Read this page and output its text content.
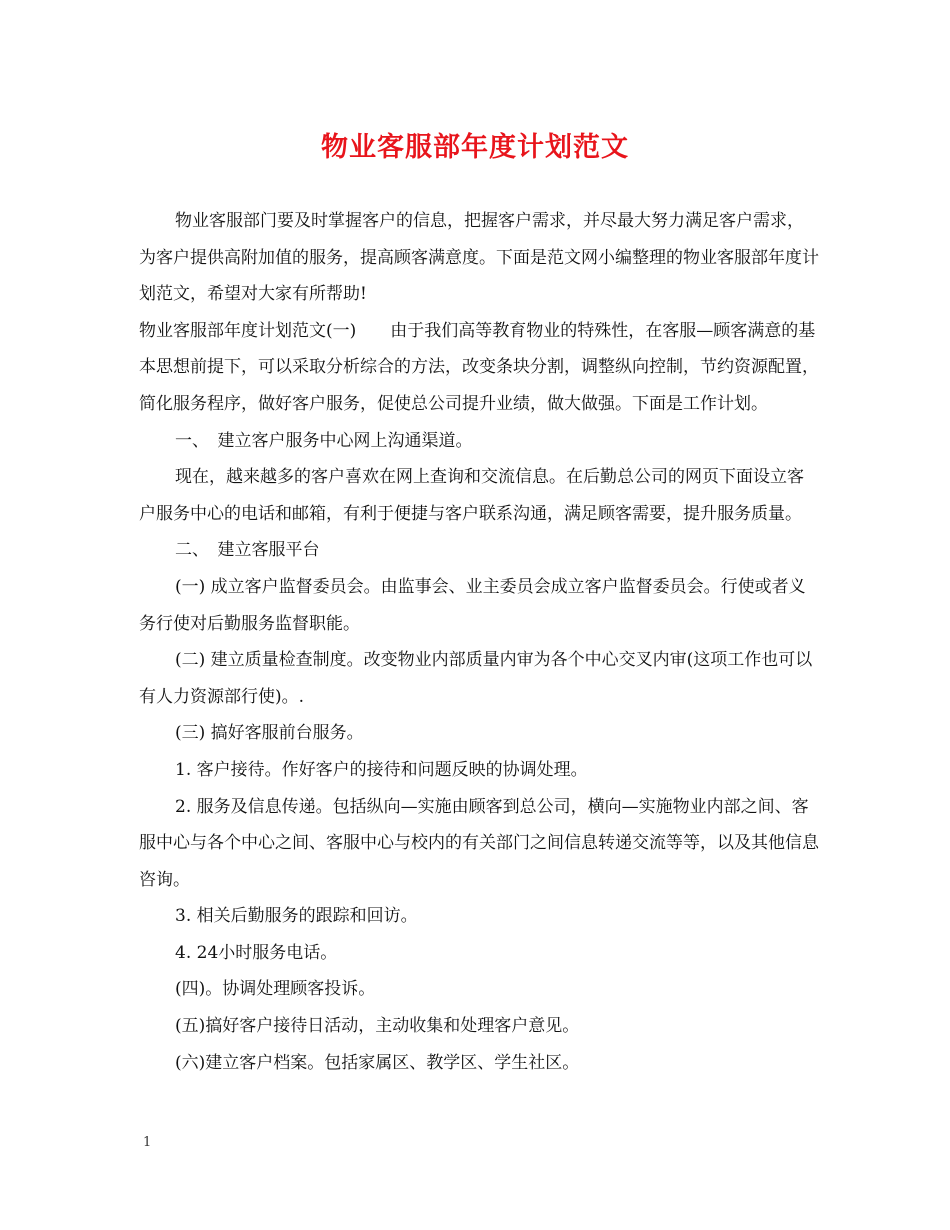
物业客服部年度计划范文

物业客服部门要及时掌握客户的信息，把握客户需求，并尽最大努力满足客户需求，为客户提供高附加值的服务，提高顾客满意度。下面是范文网小编整理的物业客服部年度计划范文，希望对大家有所帮助!

物业客服部年度计划范文(一)　　由于我们高等教育物业的特殊性，在客服—顾客满意的基本思想前提下，可以采取分析综合的方法，改变条块分割，调整纵向控制，节约资源配置，简化服务程序，做好客户服务，促使总公司提升业绩，做大做强。下面是工作计划。

一、　建立客户服务中心网上沟通渠道。

现在，越来越多的客户喜欢在网上查询和交流信息。在后勤总公司的网页下面设立客户服务中心的电话和邮箱，有利于便捷与客户联系沟通，满足顾客需要，提升服务质量。

二、　建立客服平台

(一) 成立客户监督委员会。由监事会、业主委员会成立客户监督委员会。行使或者义务行使对后勤服务监督职能。

(二) 建立质量检查制度。改变物业内部质量内审为各个中心交叉内审(这项工作也可以有人力资源部行使)。.

(三) 搞好客服前台服务。

1. 客户接待。作好客户的接待和问题反映的协调处理。

2. 服务及信息传递。包括纵向—实施由顾客到总公司，横向—实施物业内部之间、客服中心与各个中心之间、客服中心与校内的有关部门之间信息转递交流等等，以及其他信息咨询。

3. 相关后勤服务的跟踪和回访。

4. 24小时服务电话。

(四)。协调处理顾客投诉。

(五)搞好客户接待日活动，主动收集和处理客户意见。

(六)建立客户档案。包括家属区、教学区、学生社区。

1
